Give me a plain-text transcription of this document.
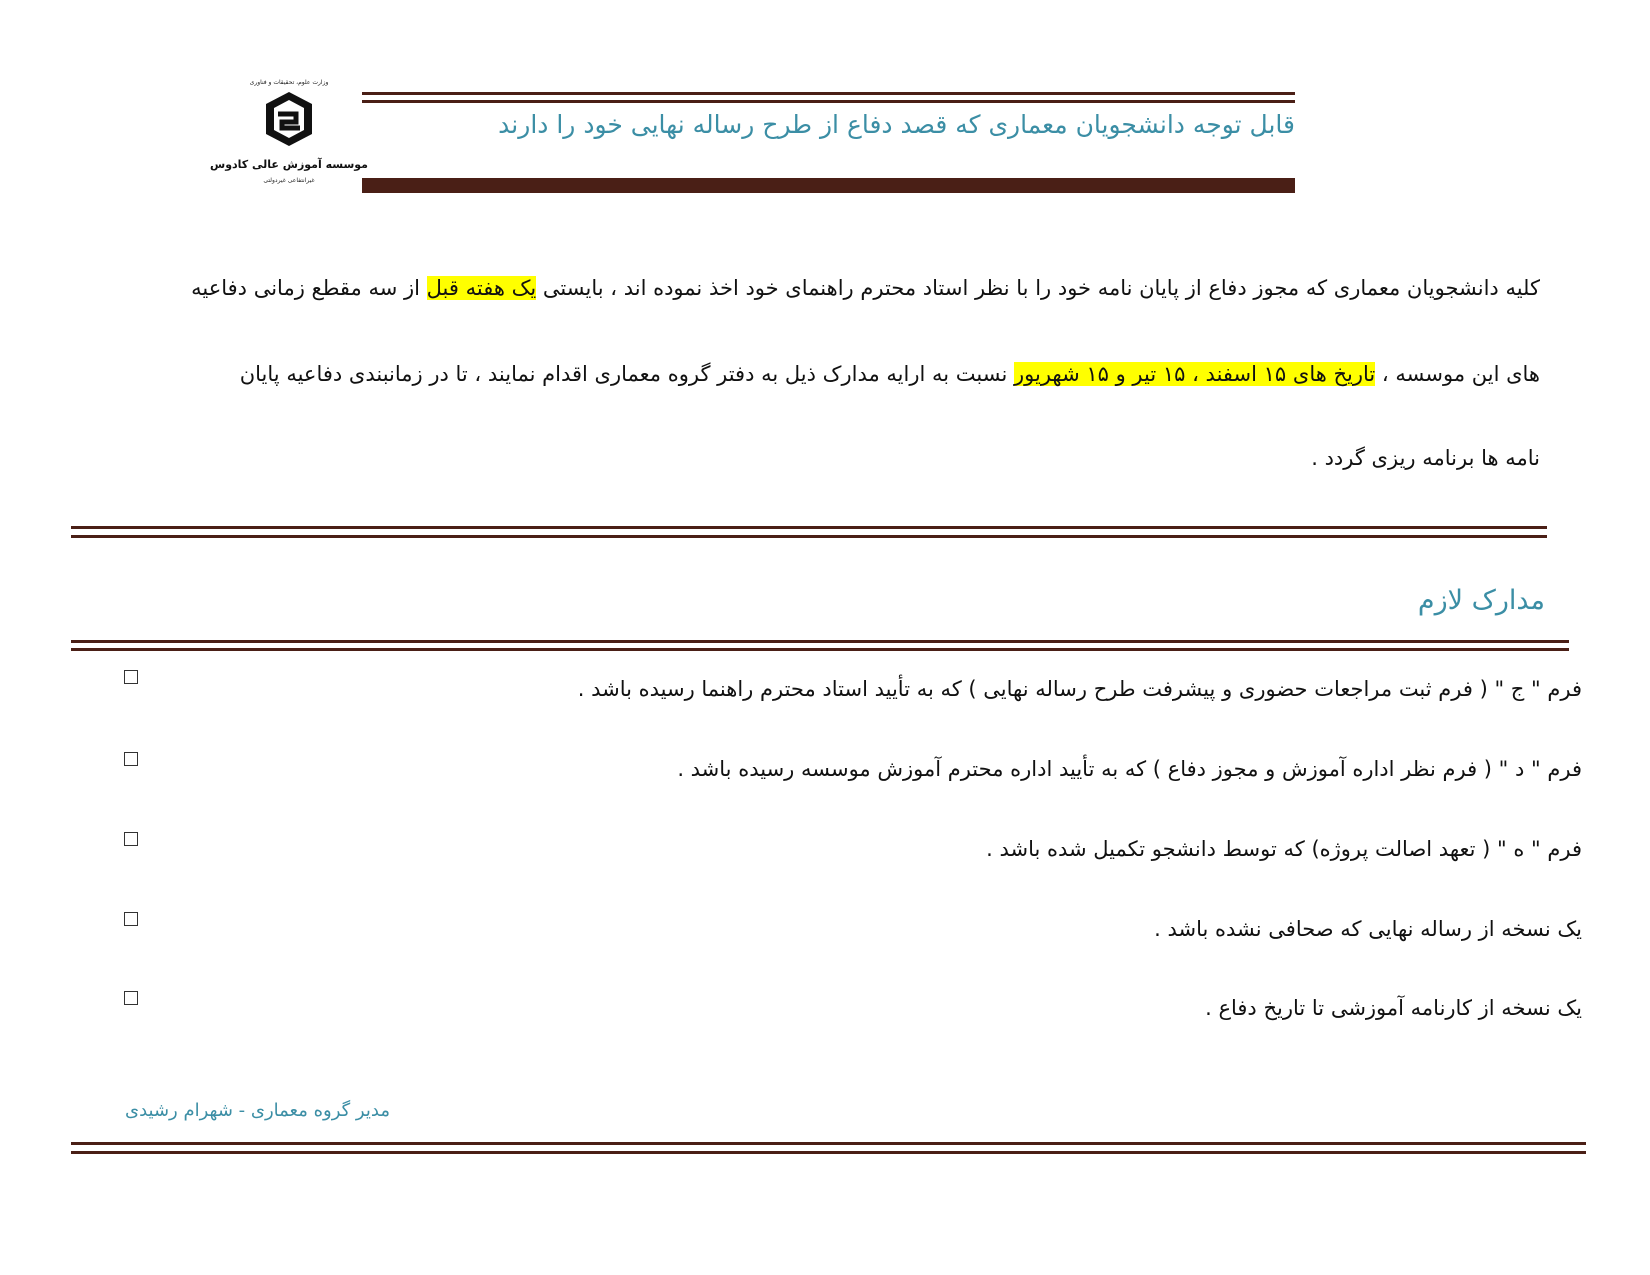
وزارت علوم، تحقیقات و فناوری
موسسه آموزش عالی کادوس
غیرانتفاعی غیردولتی
قابل توجه دانشجویان معماری که قصد دفاع از طرح رساله نهایی خود را دارند
کلیه دانشجویان معماری که مجوز دفاع از پایان نامه خود را با نظر استاد محترم راهنمای خود اخذ نموده اند ، بایستی یک هفته قبل از سه مقطع زمانی دفاعیه
های این موسسه ، تاریخ های ۱۵ اسفند ، ۱۵ تیر و ۱۵ شهریور نسبت به ارایه مدارک ذیل به دفتر گروه معماری اقدام نمایند ، تا در زمانبندی دفاعیه پایان
نامه ها برنامه ریزی گردد .
مدارک لازم
فرم " ج " ( فرم ثبت مراجعات حضوری و پیشرفت طرح رساله نهایی ) که به تأیید استاد محترم راهنما رسیده باشد .
فرم " د " ( فرم نظر اداره آموزش و مجوز دفاع ) که به تأیید اداره محترم آموزش موسسه رسیده باشد .
فرم " ه " ( تعهد اصالت پروژه) که توسط دانشجو تکمیل شده باشد .
یک نسخه از رساله نهایی که صحافی نشده باشد .
یک نسخه از کارنامه آموزشی تا تاریخ دفاع .
مدیر گروه معماری - شهرام رشیدی
